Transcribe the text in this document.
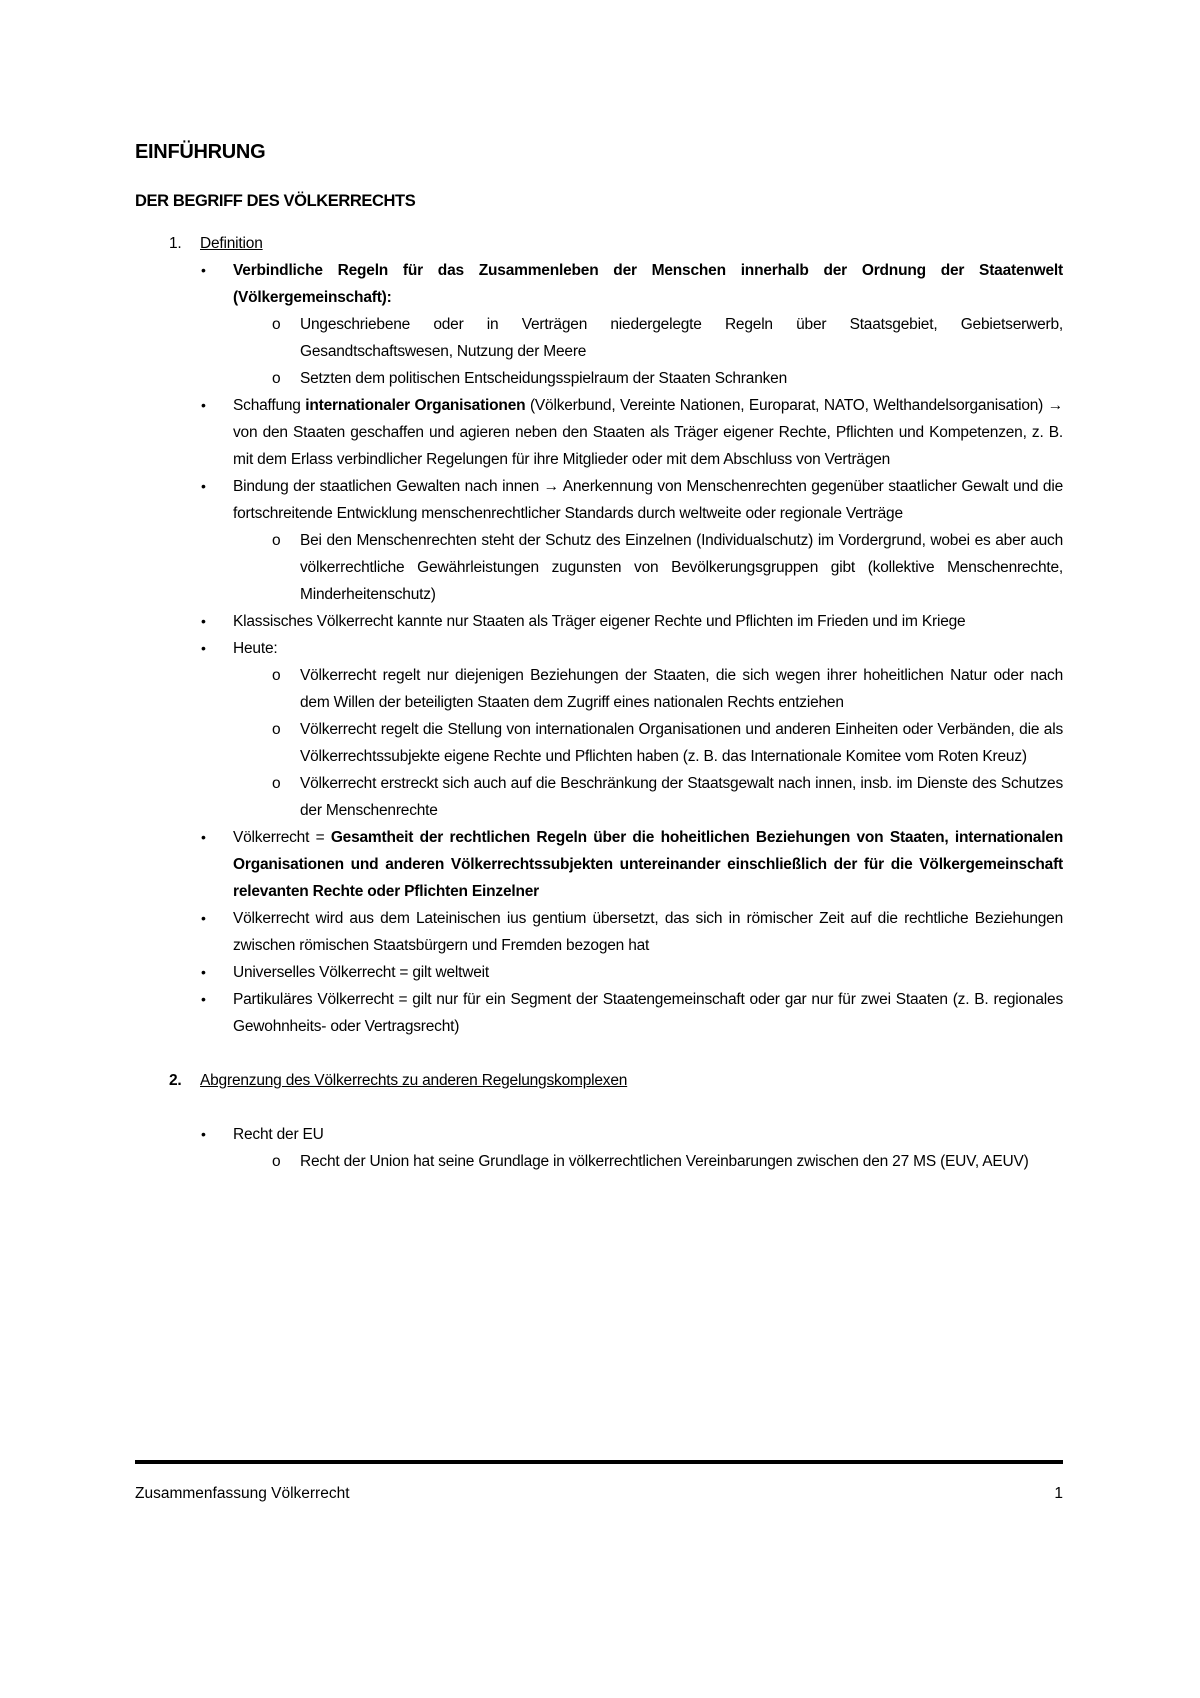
EINFÜHRUNG
DER BEGRIFF DES VÖLKERRECHTS
1. Definition
• Verbindliche Regeln für das Zusammenleben der Menschen innerhalb der Ordnung der Staatenwelt (Völkergemeinschaft):
o Ungeschriebene oder in Verträgen niedergelegte Regeln über Staatsgebiet, Gebietserwerb, Gesandtschaftswesen, Nutzung der Meere
o Setzten dem politischen Entscheidungsspielraum der Staaten Schranken
• Schaffung internationaler Organisationen (Völkerbund, Vereinte Nationen, Europarat, NATO, Welthandelsorganisation) → von den Staaten geschaffen und agieren neben den Staaten als Träger eigener Rechte, Pflichten und Kompetenzen, z. B. mit dem Erlass verbindlicher Regelungen für ihre Mitglieder oder mit dem Abschluss von Verträgen
• Bindung der staatlichen Gewalten nach innen → Anerkennung von Menschenrechten gegenüber staatlicher Gewalt und die fortschreitende Entwicklung menschenrechtlicher Standards durch weltweite oder regionale Verträge
o Bei den Menschenrechten steht der Schutz des Einzelnen (Individualschutz) im Vordergrund, wobei es aber auch völkerrechtliche Gewährleistungen zugunsten von Bevölkerungsgruppen gibt (kollektive Menschenrechte, Minderheitenschutz)
• Klassisches Völkerrecht kannte nur Staaten als Träger eigener Rechte und Pflichten im Frieden und im Kriege
• Heute:
o Völkerrecht regelt nur diejenigen Beziehungen der Staaten, die sich wegen ihrer hoheitlichen Natur oder nach dem Willen der beteiligten Staaten dem Zugriff eines nationalen Rechts entziehen
o Völkerrecht regelt die Stellung von internationalen Organisationen und anderen Einheiten oder Verbänden, die als Völkerrechtssubjekte eigene Rechte und Pflichten haben (z. B. das Internationale Komitee vom Roten Kreuz)
o Völkerrecht erstreckt sich auch auf die Beschränkung der Staatsgewalt nach innen, insb. im Dienste des Schutzes der Menschenrechte
• Völkerrecht = Gesamtheit der rechtlichen Regeln über die hoheitlichen Beziehungen von Staaten, internationalen Organisationen und anderen Völkerrechtssubjekten untereinander einschließlich der für die Völkergemeinschaft relevanten Rechte oder Pflichten Einzelner
• Völkerrecht wird aus dem Lateinischen ius gentium übersetzt, das sich in römischer Zeit auf die rechtliche Beziehungen zwischen römischen Staatsbürgern und Fremden bezogen hat
• Universelles Völkerrecht = gilt weltweit
• Partikuläres Völkerrecht = gilt nur für ein Segment der Staatengemeinschaft oder gar nur für zwei Staaten (z. B. regionales Gewohnheits- oder Vertragsrecht)
2. Abgrenzung des Völkerrechts zu anderen Regelungskomplexen
• Recht der EU
o Recht der Union hat seine Grundlage in völkerrechtlichen Vereinbarungen zwischen den 27 MS (EUV, AEUV)
Zusammenfassung Völkerrecht	1
